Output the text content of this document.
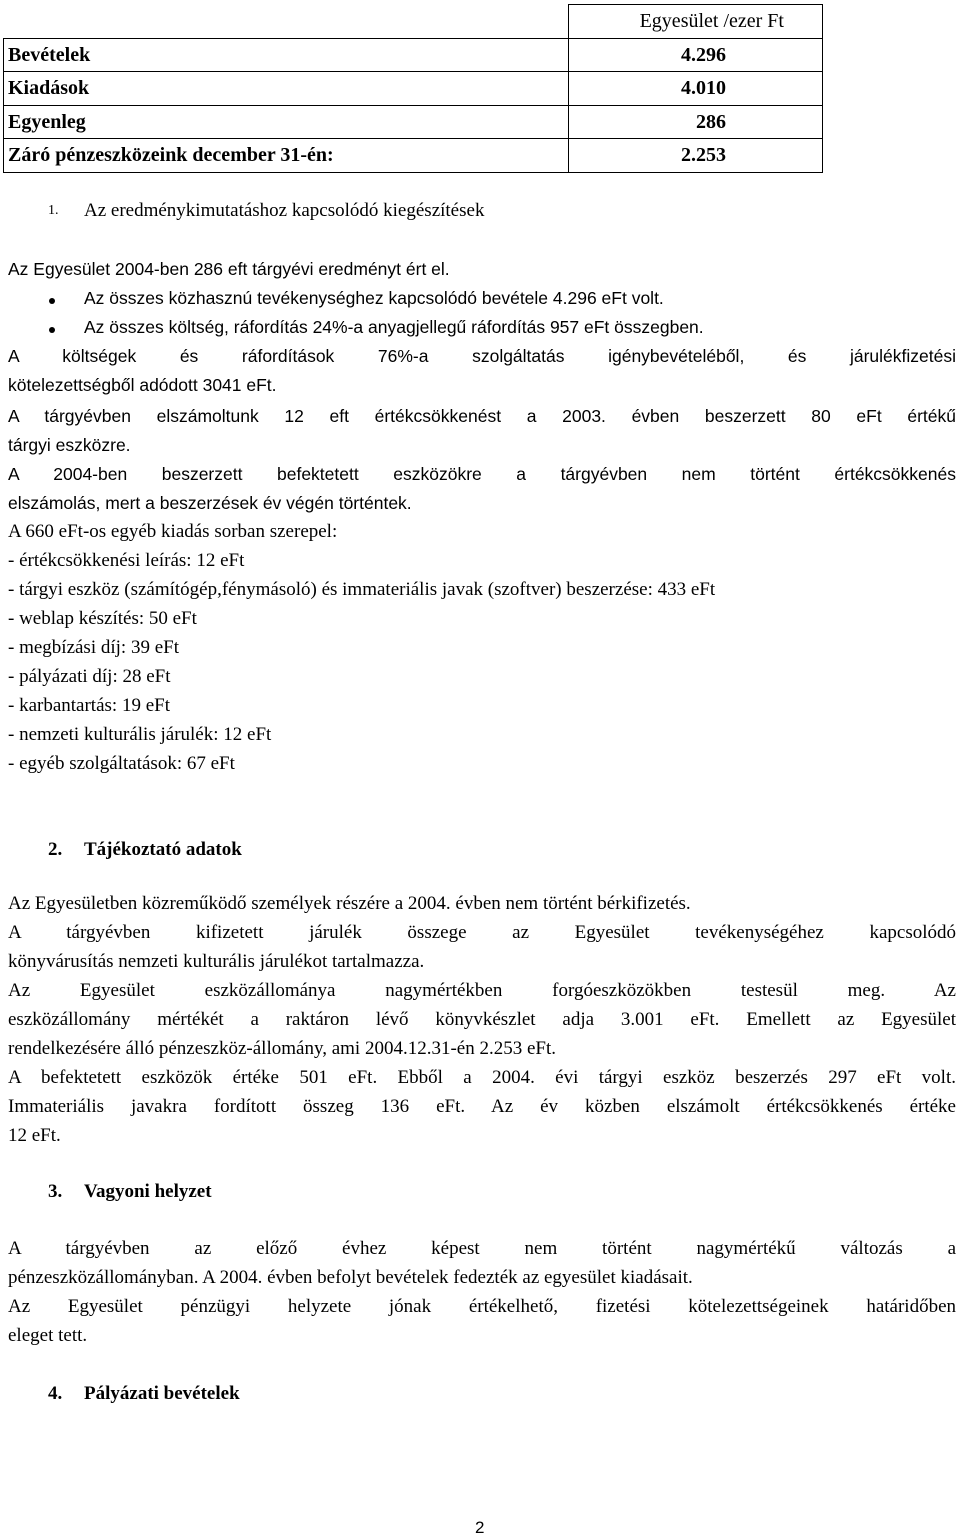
	Egyesület /ezer Ft
Bevételek	4.296
Kiadások	4.010
Egyenleg	286
Záró pénzeszközeink december 31-én:	2.253
1. Az eredménykimutatáshoz kapcsolódó kiegészítések
Az Egyesület 2004-ben 286 eft tárgyévi eredményt ért el.
Az összes közhasznú tevékenységhez kapcsolódó bevétele 4.296 eFt volt.
Az összes költség, ráfordítás 24%-a anyagjellegű ráfordítás 957 eFt összegben.
A költségek és ráfordítások 76%-a szolgáltatás igénybevételéből, és járulékfizetési
kötelezettségből adódott 3041 eFt.
A tárgyévben elszámoltunk 12 eft értékcsökkenést a 2003. évben beszerzett 80 eFt értékű
tárgyi eszközre.
A 2004-ben beszerzett befektetett eszközökre a tárgyévben nem történt értékcsökkenés
elszámolás, mert a beszerzések év végén történtek.
A 660 eFt-os egyéb kiadás sorban szerepel:
- értékcsökkenési leírás: 12 eFt
- tárgyi eszköz (számítógép,fénymásoló) és immateriális javak (szoftver) beszerzése: 433 eFt
- weblap készítés: 50 eFt
- megbízási díj: 39 eFt
- pályázati díj: 28 eFt
- karbantartás: 19 eFt
- nemzeti kulturális járulék: 12 eFt
- egyéb szolgáltatások: 67 eFt
2. Tájékoztató adatok
Az Egyesületben közreműködő személyek részére a 2004. évben nem történt bérkifizetés.
A tárgyévben kifizetett járulék összege az Egyesület tevékenységéhez kapcsolódó
könyvárusítás nemzeti kulturális járulékot tartalmazza.
Az Egyesület eszközállománya nagymértékben forgóeszközökben testesül meg. Az
eszközállomány mértékét a raktáron lévő könyvkészlet adja 3.001 eFt. Emellett az Egyesület
rendelkezésére álló pénzeszköz-állomány, ami 2004.12.31-én 2.253 eFt.
A befektetett eszközök értéke 501 eFt. Ebből a 2004. évi tárgyi eszköz beszerzés 297 eFt volt.
Immateriális javakra fordított összeg 136 eFt. Az év közben elszámolt értékcsökkenés értéke
12 eFt.
3. Vagyoni helyzet
A tárgyévben az előző évhez képest nem történt nagymértékű változás a
pénzeszközállományban. A 2004. évben befolyt bevételek fedezték az egyesület kiadásait.
Az Egyesület pénzügyi helyzete jónak értékelhető, fizetési kötelezettségeinek határidőben
eleget tett.
4. Pályázati bevételek
2
